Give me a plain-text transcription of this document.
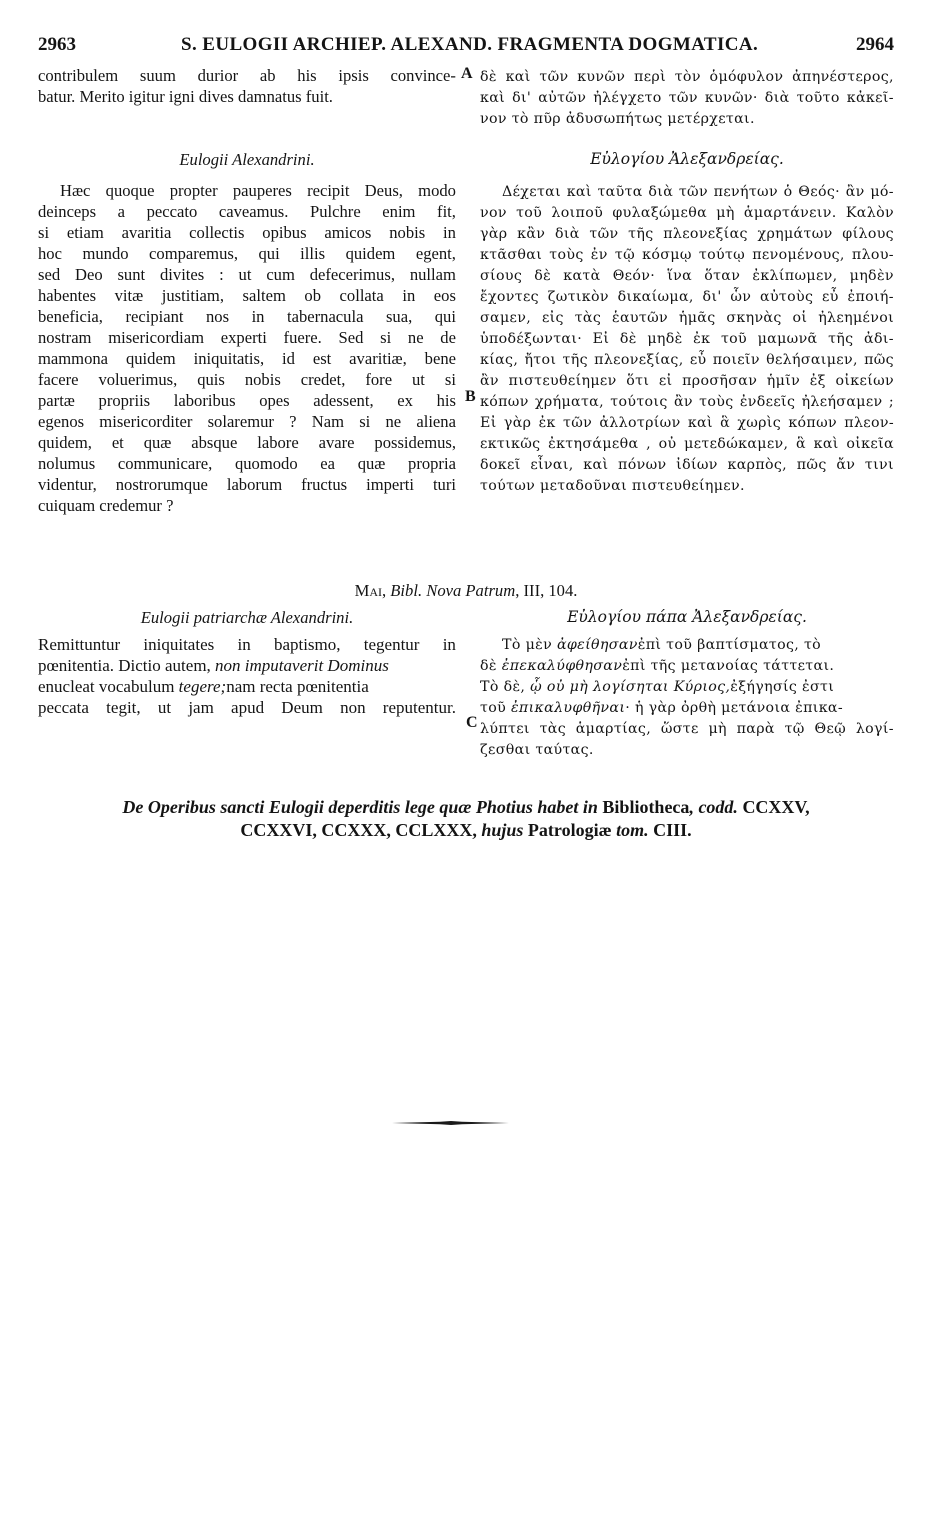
2963	S. EULOGII ARCHIEP. ALEXAND. FRAGMENTA DOGMATICA.	2964
contribulem suum durior ab his ipsis convince-
batur. Merito igitur igni dives damnatus fuit.
A δὲ καὶ τῶν κυνῶν περὶ τὸν ὁμόφυλον ἀπηνέστερος,
καὶ δι' αὐτῶν ἠλέγχετο τῶν κυνῶν· διὰ τοῦτο κἀκεῖ-
νον τὸ πῦρ ἀδυσωπήτως μετέρχεται.
Eulogii Alexandrini.	Εὐλογίου Ἀλεξανδρείας.
Hæc quoque propter pauperes recipit Deus, modo
deinceps a peccato caveamus. Pulchre enim fit,
si etiam avaritia collectis opibus amicos nobis in
hoc mundo comparemus, qui illis quidem egent,
sed Deo sunt divites : ut cum defecerimus, nullam
habentes vitæ justitiam, saltem ob collata in eos
beneficia, recipiant nos in tabernacula sua, qui
nostram misericordiam experti fuere. Sed si ne de
mammona quidem iniquitatis, id est avaritiæ, bene
facere voluerimus, quis nobis credet, fore ut si
partæ propriis laboribus opes adessent, ex his
egenos misericorditer solaremur ? Nam si ne aliena
quidem, et quæ absque labore avare possidemus,
nolumus communicare, quomodo ea quæ propria
videntur, nostrorumque laborum fructus imperti turi
cuiquam credemur ?
B
Δέχεται καὶ ταῦτα διὰ τῶν πενήτων ὁ Θεός· ἂν μό-
νον τοῦ λοιποῦ φυλαξώμεθα μὴ ἁμαρτάνειν. Καλὸν
γὰρ κἂν διὰ τῶν τῆς πλεονεξίας χρημάτων φίλους
κτᾶσθαι τοὺς ἐν τῷ κόσμῳ τούτῳ πενομένους, πλου-
σίους δὲ κατὰ Θεόν· ἵνα ὅταν ἐκλίπωμεν, μηδὲν
ἔχοντες ζωτικὸν δικαίωμα, δι' ὧν αὐτοὺς εὖ ἐποιή-
σαμεν, εἰς τὰς ἑαυτῶν ἡμᾶς σκηνὰς οἱ ἠλεημένοι
ὑποδέξωνται· Εἰ δὲ μηδὲ ἐκ τοῦ μαμωνᾶ τῆς ἀδι-
κίας, ἤτοι τῆς πλεονεξίας, εὖ ποιεῖν θελήσαιμεν, πῶς
ἂν πιστευθείημεν ὅτι εἰ προσῆσαν ἡμῖν ἐξ οἰκείων
κόπων χρήματα, τούτοις ἂν τοὺς ἐνδεεῖς ἠλεήσαμεν ;
Εἰ γὰρ ἐκ τῶν ἀλλοτρίων καὶ ἃ χωρὶς κόπων πλεον-
εκτικῶς ἐκτησάμεθα , οὐ μετεδώκαμεν, ἃ καὶ οἰκεῖα
δοκεῖ εἶναι, καὶ πόνων ἰδίων καρπὸς, πῶς ἄν τινι
τούτων μεταδοῦναι πιστευθείημεν.
Mai, Bibl. Nova Patrum, III, 104.
Eulogii patriarchæ Alexandrini.	Εὐλογίου πάπα Ἀλεξανδρείας.
Remittuntur iniquitates in baptismo, tegentur in
pœnitentia. Dictio autem,
non imputaverit Dominus
enucleat vocabulum
tegere; nam recta pœnitentia
peccata tegit, ut jam apud Deum non reputentur.
C
Τὸ μὲν
ἀφείθησαν ἐπὶ τοῦ βαπτίσματος, τὸ
δὲ
ἐπεκαλύφθησαν ἐπὶ τῆς μετανοίας τάττεται.
Τὸ δὲ,
ᾧ οὐ μὴ λογίσηται Κύριος, ἐξήγησίς ἐστι
τοῦ
ἐπικαλυφθῆναι · ἡ γὰρ ὀρθὴ μετάνοια ἐπικα-
λύπτει τὰς ἁμαρτίας, ὥστε μὴ παρὰ τῷ Θεῷ λογί-
ζεσθαι ταύτας.
De Operibus sancti Eulogii deperditis lege quæ Photius habet in Bibliotheca, codd. CCXXV,
CCXXVI, CCXXX, CCLXXX, hujus Patrologiæ tom. CIII.
